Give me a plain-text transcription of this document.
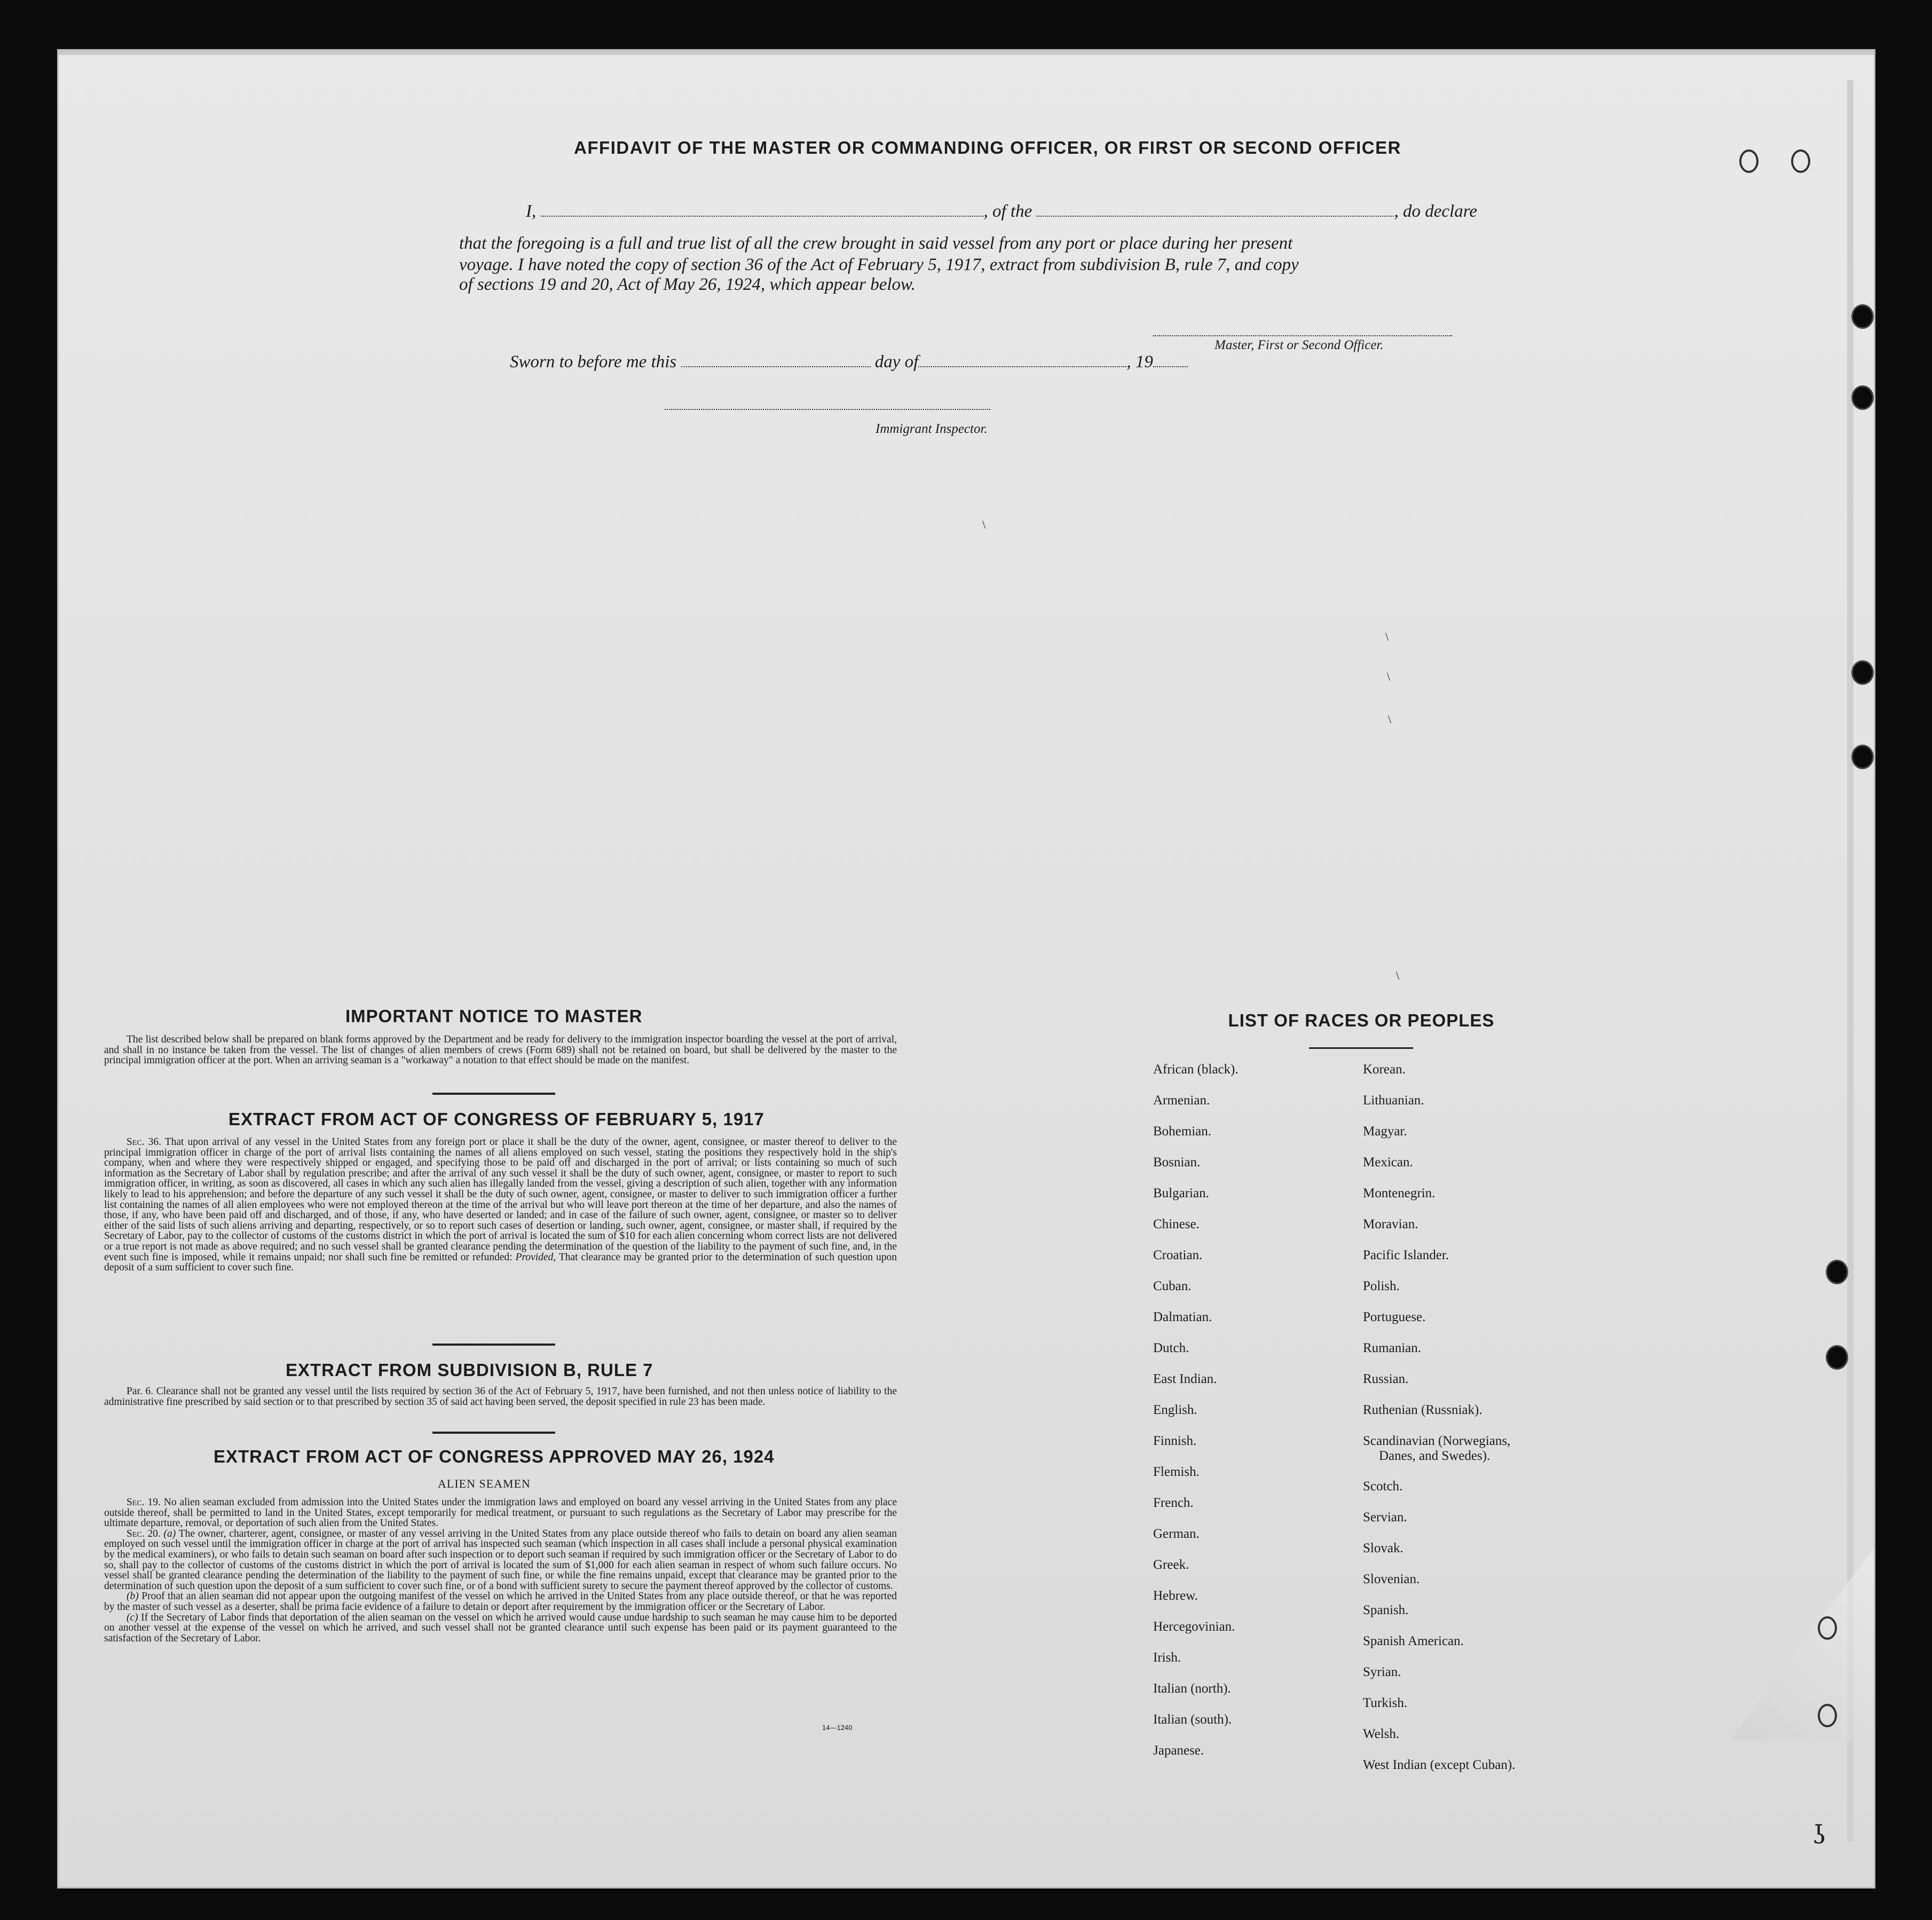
AFFIDAVIT OF THE MASTER OR COMMANDING OFFICER, OR FIRST OR SECOND OFFICER
I,	, of the	, do declare
that the foregoing is a full and true list of all the crew brought in said vessel from any port or place during her present
voyage. I have noted the copy of section 36 of the Act of February 5, 1917, extract from subdivision B, rule 7, and copy
of sections 19 and 20, Act of May 26, 1924, which appear below.
Master, First or Second Officer.
Sworn to before me this	day of	, 19
Immigrant Inspector.
\
\
\
\
\
IMPORTANT NOTICE TO MASTER
The list described below shall be prepared on blank forms approved by the Department and be ready for delivery to the immigration inspector boarding the vessel at the port of arrival, and shall in no instance be taken from the vessel. The list of changes of alien members of crews (Form 689) shall not be retained on board, but shall be delivered by the master to the principal immigration officer at the port. When an arriving seaman is a "workaway" a notation to that effect should be made on the manifest.
EXTRACT FROM ACT OF CONGRESS OF FEBRUARY 5, 1917
Sec. 36. That upon arrival of any vessel in the United States from any foreign port or place it shall be the duty of the owner, agent, consignee, or master thereof to deliver to the principal immigration officer in charge of the port of arrival lists containing the names of all aliens employed on such vessel, stating the positions they respectively hold in the ship's company, when and where they were respectively shipped or engaged, and specifying those to be paid off and discharged in the port of arrival; or lists containing so much of such information as the Secretary of Labor shall by regulation prescribe; and after the arrival of any such vessel it shall be the duty of such owner, agent, consignee, or master to report to such immigration officer, in writing, as soon as discovered, all cases in which any such alien has illegally landed from the vessel, giving a description of such alien, together with any information likely to lead to his apprehension; and before the departure of any such vessel it shall be the duty of such owner, agent, consignee, or master to deliver to such immigration officer a further list containing the names of all alien employees who were not employed thereon at the time of the arrival but who will leave port thereon at the time of her departure, and also the names of those, if any, who have been paid off and discharged, and of those, if any, who have deserted or landed; and in case of the failure of such owner, agent, consignee, or master so to deliver either of the said lists of such aliens arriving and departing, respectively, or so to report such cases of desertion or landing, such owner, agent, consignee, or master shall, if required by the Secretary of Labor, pay to the collector of customs of the customs district in which the port of arrival is located the sum of $10 for each alien concerning whom correct lists are not delivered or a true report is not made as above required; and no such vessel shall be granted clearance pending the determination of the question of the liability to the payment of such fine, and, in the event such fine is imposed, while it remains unpaid; nor shall such fine be remitted or refunded: Provided, That clearance may be granted prior to the determination of such question upon deposit of a sum sufficient to cover such fine.
EXTRACT FROM SUBDIVISION B, RULE 7
Par. 6. Clearance shall not be granted any vessel until the lists required by section 36 of the Act of February 5, 1917, have been furnished, and not then unless notice of liability to the administrative fine prescribed by said section or to that prescribed by section 35 of said act having been served, the deposit specified in rule 23 has been made.
EXTRACT FROM ACT OF CONGRESS APPROVED MAY 26, 1924
ALIEN SEAMEN
Sec. 19. No alien seaman excluded from admission into the United States under the immigration laws and employed on board any vessel arriving in the United States from any place outside thereof, shall be permitted to land in the United States, except temporarily for medical treatment, or pursuant to such regulations as the Secretary of Labor may prescribe for the ultimate departure, removal, or deportation of such alien from the United States.
Sec. 20. (a) The owner, charterer, agent, consignee, or master of any vessel arriving in the United States from any place outside thereof who fails to detain on board any alien seaman employed on such vessel until the immigration officer in charge at the port of arrival has inspected such seaman (which inspection in all cases shall include a personal physical examination by the medical examiners), or who fails to detain such seaman on board after such inspection or to deport such seaman if required by such immigration officer or the Secretary of Labor to do so, shall pay to the collector of customs of the customs district in which the port of arrival is located the sum of $1,000 for each alien seaman in respect of whom such failure occurs. No vessel shall be granted clearance pending the determination of the liability to the payment of such fine, or while the fine remains unpaid, except that clearance may be granted prior to the determination of such question upon the deposit of a sum sufficient to cover such fine, or of a bond with sufficient surety to secure the payment thereof approved by the collector of customs.
(b) Proof that an alien seaman did not appear upon the outgoing manifest of the vessel on which he arrived in the United States from any place outside thereof, or that he was reported by the master of such vessel as a deserter, shall be prima facie evidence of a failure to detain or deport after requirement by the immigration officer or the Secretary of Labor.
(c) If the Secretary of Labor finds that deportation of the alien seaman on the vessel on which he arrived would cause undue hardship to such seaman he may cause him to be deported on another vessel at the expense of the vessel on which he arrived, and such vessel shall not be granted clearance until such expense has been paid or its payment guaranteed to the satisfaction of the Secretary of Labor.
14—1240
LIST OF RACES OR PEOPLES
African (black).
Armenian.
Bohemian.
Bosnian.
Bulgarian.
Chinese.
Croatian.
Cuban.
Dalmatian.
Dutch.
East Indian.
English.
Finnish.
Flemish.
French.
German.
Greek.
Hebrew.
Hercegovinian.
Irish.
Italian (north).
Italian (south).
Japanese.
Korean.
Lithuanian.
Magyar.
Mexican.
Montenegrin.
Moravian.
Pacific Islander.
Polish.
Portuguese.
Rumanian.
Russian.
Ruthenian (Russniak).
Scandinavian (Norwegians,
Danes, and Swedes).
Scotch.
Servian.
Slovak.
Slovenian.
Spanish.
Spanish American.
Syrian.
Turkish.
Welsh.
West Indian (except Cuban).
ʖ
